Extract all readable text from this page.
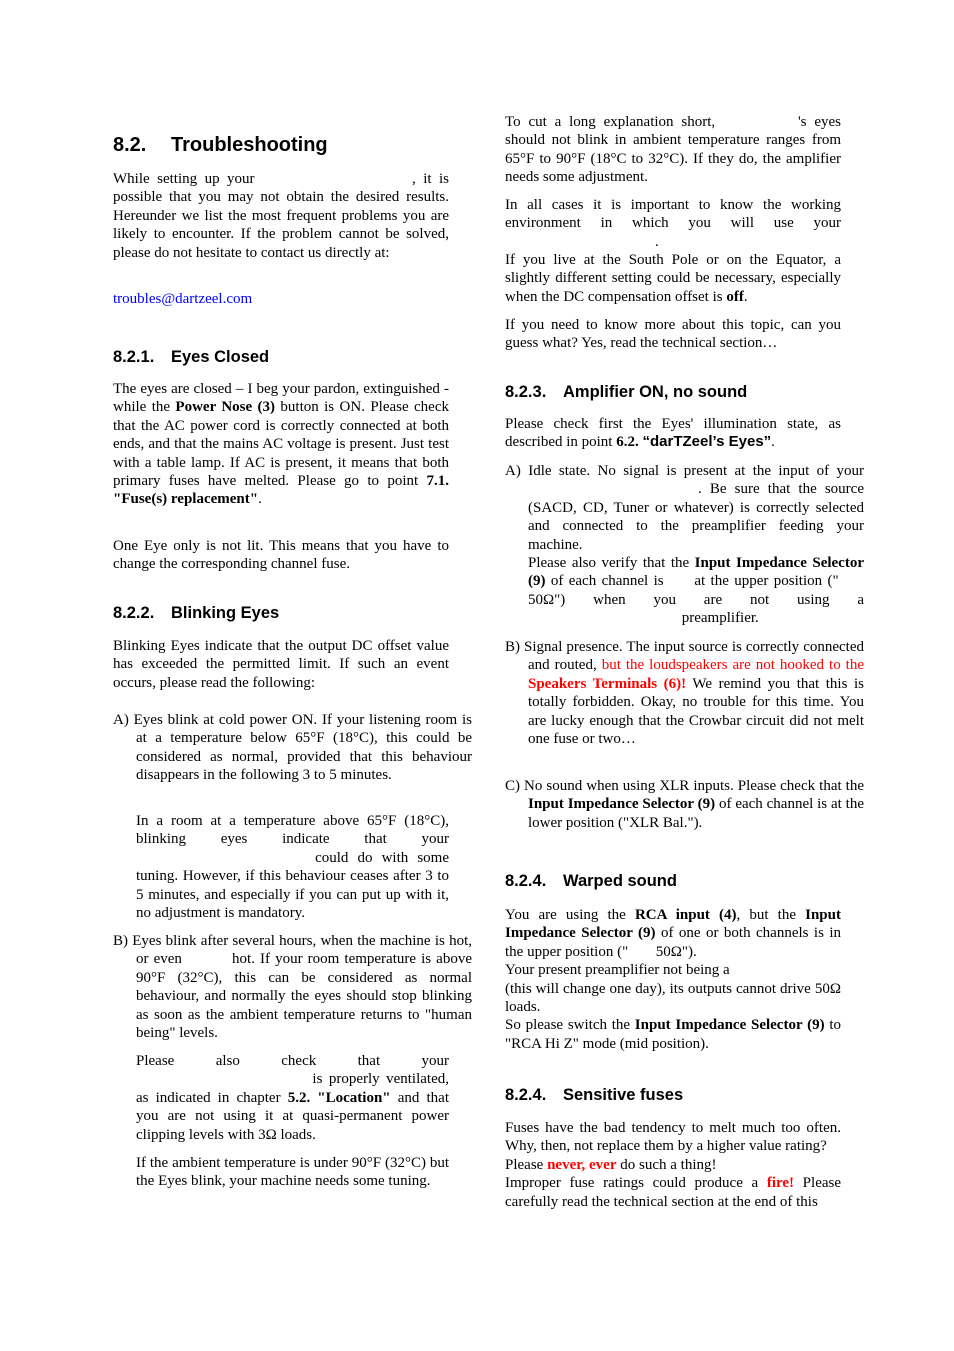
8.2. Troubleshooting
While setting up your	, it is possible that you may not obtain the desired results. Hereunder we list the most frequent problems you are likely to encounter. If the problem cannot be solved, please do not hesitate to contact us directly at:
troubles@dartzeel.com
8.2.1. Eyes Closed
The eyes are closed – I beg your pardon, extinguished - while the Power Nose (3) button is ON. Please check that the AC power cord is correctly connected at both ends, and that the mains AC voltage is present. Just test with a table lamp. If AC is present, it means that both primary fuses have melted. Please go to point 7.1. "Fuse(s) replacement".
One Eye only is not lit. This means that you have to change the corresponding channel fuse.
8.2.2. Blinking Eyes
Blinking Eyes indicate that the output DC offset value has exceeded the permitted limit. If such an event occurs, please read the following:
A) Eyes blink at cold power ON. If your listening room is at a temperature below 65°F (18°C), this could be considered as normal, provided that this behaviour disappears in the following 3 to 5 minutes.
In a room at a temperature above 65°F (18°C), blinking eyes indicate that your  could do with some tuning. However, if this behaviour ceases after 3 to 5 minutes, and especially if you can put up with it, no adjustment is mandatory.
B) Eyes blink after several hours, when the machine is hot, or even	hot. If your room temperature is above 90°F (32°C), this can be considered as normal behaviour, and normally the eyes should stop blinking as soon as the ambient temperature returns to "human being" levels.
Please also check that your  is properly ventilated, as indicated in chapter 5.2. "Location" and that you are not using it at quasi-permanent power clipping levels with 3Ω loads.
If the ambient temperature is under 90°F (32°C) but the Eyes blink, your machine needs some tuning.
To cut a long explanation short,	's eyes should not blink in ambient temperature ranges from 65°F to 90°F (18°C to 32°C). If they do, the amplifier needs some adjustment.
In all cases it is important to know the working environment in which you will use your .
If you live at the South Pole or on the Equator, a slightly different setting could be necessary, especially when the DC compensation offset is off.
If you need to know more about this topic, can you guess what? Yes, read the technical section…
8.2.3. Amplifier ON, no sound
Please check first the Eyes' illumination state, as described in point 6.2. “darTZeel’s Eyes”.
A) Idle state. No signal is present at the input of your . Be sure that the source (SACD, CD, Tuner or whatever) is correctly selected and connected to the preamplifier feeding your machine.
Please also verify that the Input Impedance Selector (9) of each channel is  at the upper position ("  50Ω") when you are not using a  preamplifier.
B) Signal presence. The input source is correctly connected and routed, but the loudspeakers are not hooked to the Speakers Terminals (6)! We remind you that this is totally forbidden. Okay, no trouble for this time. You are lucky enough that the Crowbar circuit did not melt one fuse or two…
C) No sound when using XLR inputs. Please check that the Input Impedance Selector (9) of each channel is at the lower position ("XLR Bal.").
8.2.4. Warped sound
You are using the RCA input (4), but the Input Impedance Selector (9) of one or both channels is in the upper position ("  50Ω").
Your present preamplifier not being a
(this will change one day), its outputs cannot drive 50Ω loads.
So please switch the Input Impedance Selector (9) to "RCA Hi Z" mode (mid position).
8.2.4. Sensitive fuses
Fuses have the bad tendency to melt much too often. Why, then, not replace them by a higher value rating?
Please never, ever do such a thing!
Improper fuse ratings could produce a fire! Please carefully read the technical section at the end of this
